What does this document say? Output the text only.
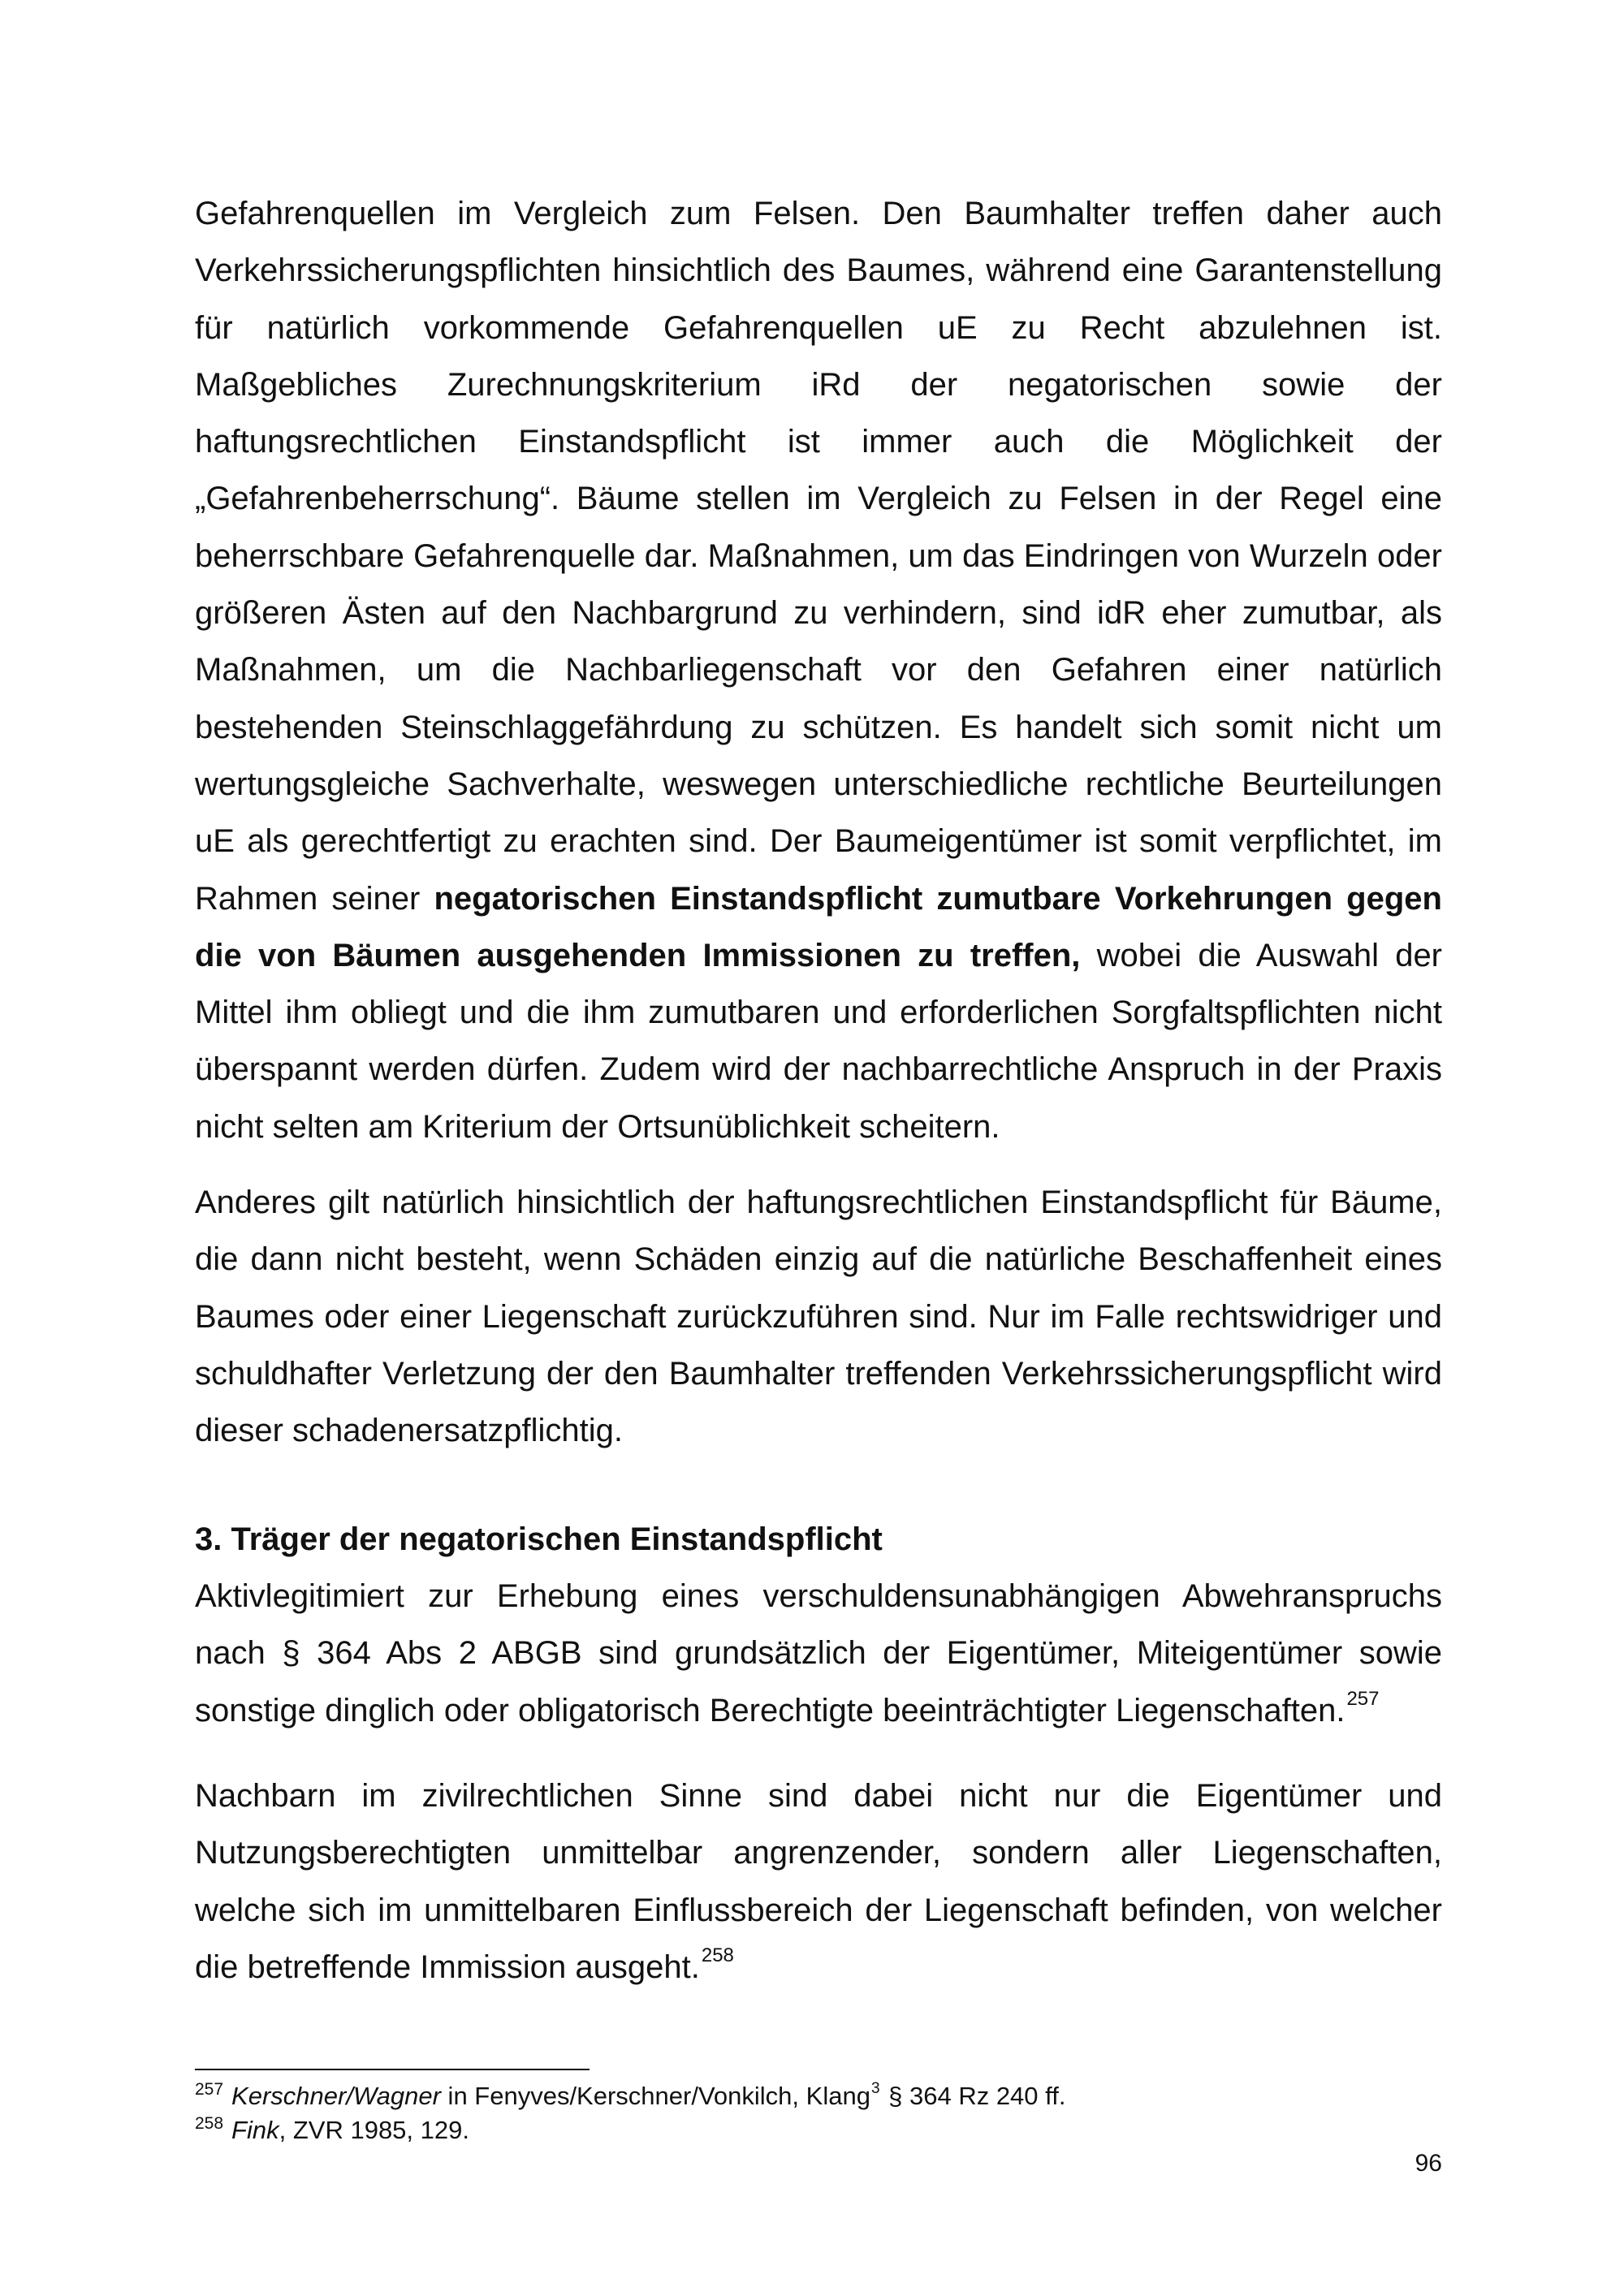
Gefahrenquellen im Vergleich zum Felsen. Den Baumhalter treffen daher auch Verkehrssicherungspflichten hinsichtlich des Baumes, während eine Garantenstellung für natürlich vorkommende Gefahrenquellen uE zu Recht abzulehnen ist. Maßgebliches Zurechnungskriterium iRd der negatorischen sowie der haftungsrechtlichen Einstandspflicht ist immer auch die Möglichkeit der „Gefahrenbeherrschung“. Bäume stellen im Vergleich zu Felsen in der Regel eine beherrschbare Gefahrenquelle dar. Maßnahmen, um das Eindringen von Wurzeln oder größeren Ästen auf den Nachbargrund zu verhindern, sind idR eher zumutbar, als Maßnahmen, um die Nachbarliegenschaft vor den Gefahren einer natürlich bestehenden Steinschlaggefährdung zu schützen. Es handelt sich somit nicht um wertungsgleiche Sachverhalte, weswegen unterschiedliche rechtliche Beurteilungen uE als gerechtfertigt zu erachten sind. Der Baumeigentümer ist somit verpflichtet, im Rahmen seiner negatorischen Einstandspflicht zumutbare Vorkehrungen gegen die von Bäumen ausgehenden Immissionen zu treffen, wobei die Auswahl der Mittel ihm obliegt und die ihm zumutbaren und erforderlichen Sorgfaltspflichten nicht überspannt werden dürfen. Zudem wird der nachbarrechtliche Anspruch in der Praxis nicht selten am Kriterium der Ortsunüblichkeit scheitern.

Anderes gilt natürlich hinsichtlich der haftungsrechtlichen Einstandspflicht für Bäume, die dann nicht besteht, wenn Schäden einzig auf die natürliche Beschaffenheit eines Baumes oder einer Liegenschaft zurückzuführen sind. Nur im Falle rechtswidriger und schuldhafter Verletzung der den Baumhalter treffenden Verkehrssicherungspflicht wird dieser schadenersatzpflichtig.

3. Träger der negatorischen Einstandspflicht

Aktivlegitimiert zur Erhebung eines verschuldensunabhängigen Abwehranspruchs nach § 364 Abs 2 ABGB sind grundsätzlich der Eigentümer, Miteigentümer sowie sonstige dinglich oder obligatorisch Berechtigte beeinträchtigter Liegenschaften.$^{257}$

Nachbarn im zivilrechtlichen Sinne sind dabei nicht nur die Eigentümer und Nutzungsberechtigten unmittelbar angrenzender, sondern aller Liegenschaften, welche sich im unmittelbaren Einflussbereich der Liegenschaft befinden, von welcher die betreffende Immission ausgeht.$^{258}$

$^{257}$ Kerschner/Wagner in Fenyves/Kerschner/Vonkilch, Klang$^3$ § 364 Rz 240 ff.

$^{258}$ Fink, ZVR 1985, 129.

96
